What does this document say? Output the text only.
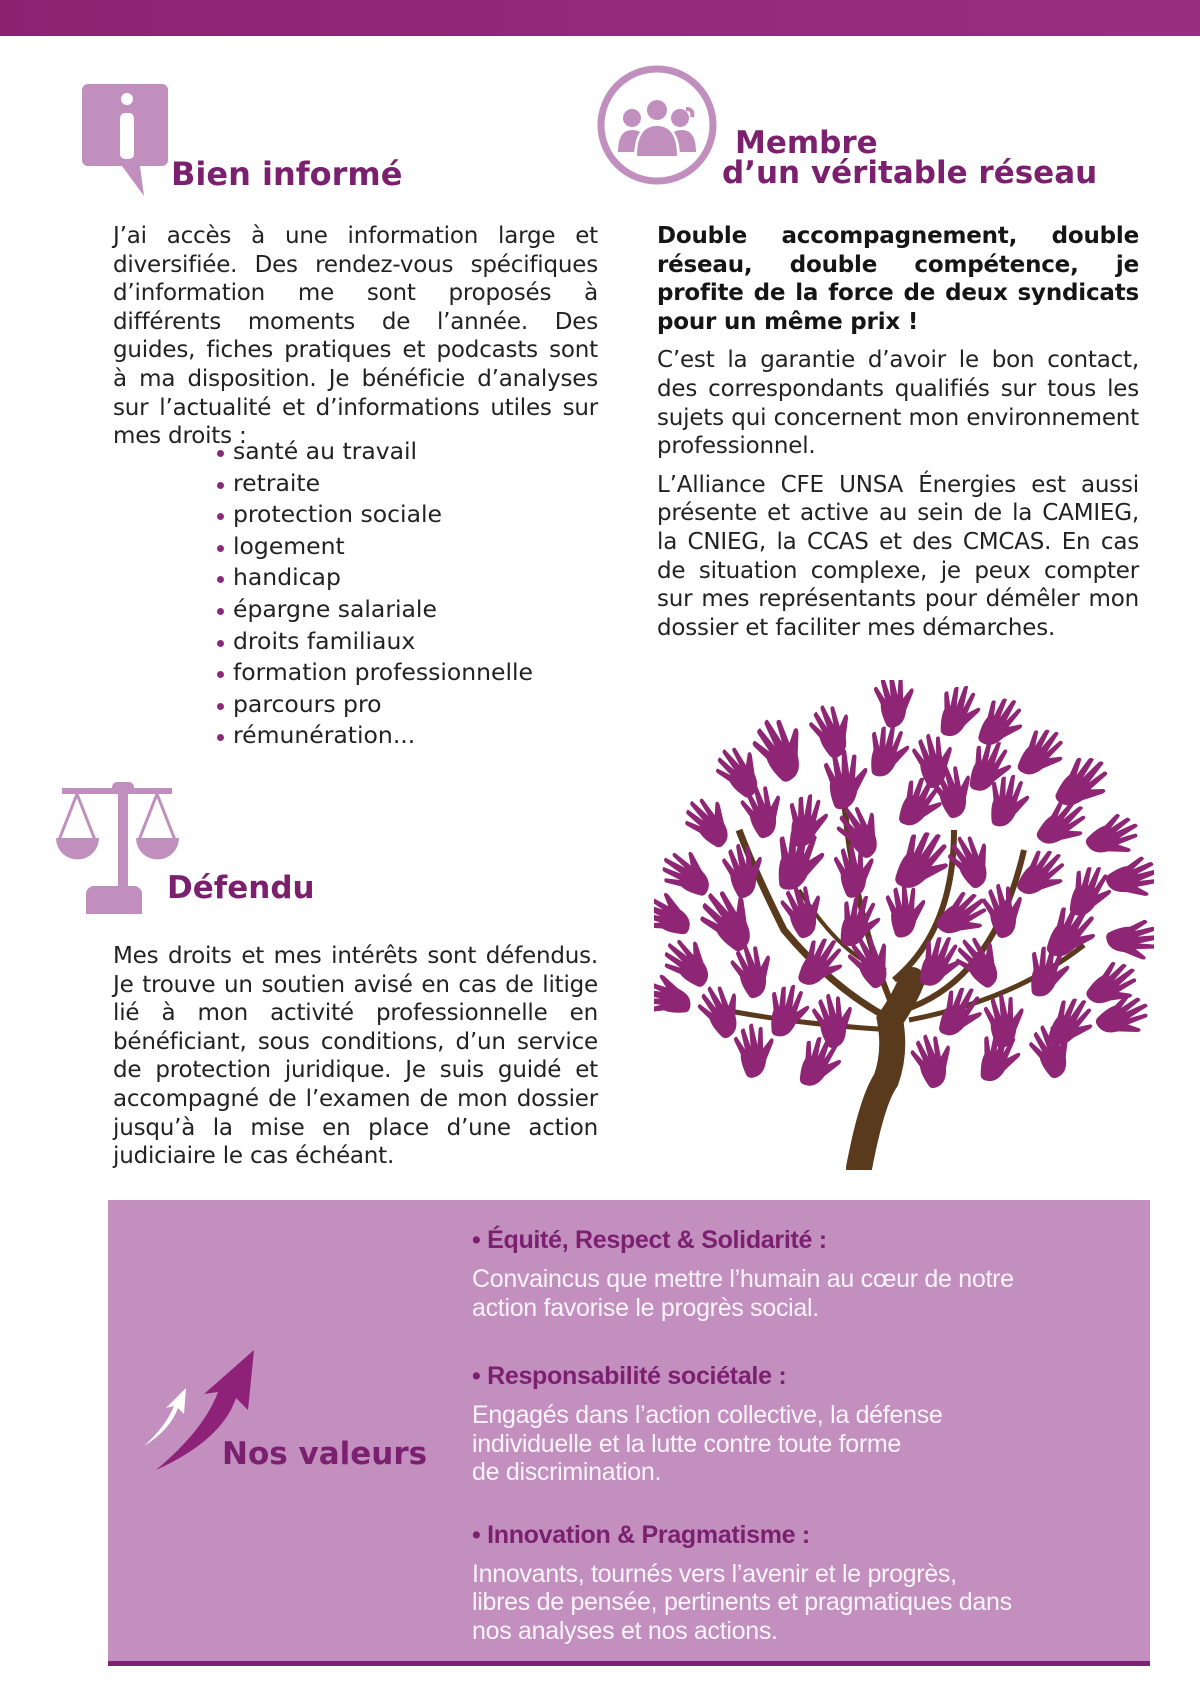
Bien informé

J’ai accès à une information large et diversifiée. Des rendez-vous spécifiques d’information me sont proposés à différents moments de l’année. Des guides, fiches pratiques et podcasts sont à ma disposition. Je bénéficie d’analyses sur l’actualité et d’informations utiles sur mes droits :

santé au travail
retraite
protection sociale
logement
handicap
épargne salariale
droits familiaux
formation professionnelle
parcours pro
rémunération...
Membre
d’un véritable réseau

Double accompagnement, double réseau, double compétence, je profite de la force de deux syndicats pour un même prix !

C’est la garantie d’avoir le bon contact, des correspondants qualifiés sur tous les sujets qui concernent mon environnement professionnel.

L’Alliance CFE UNSA Énergies est aussi présente et active au sein de la CAMIEG, la CNIEG, la CCAS et des CMCAS. En cas de situation complexe, je peux compter sur mes représentants pour démêler mon dossier et faciliter mes démarches.

Défendu

Mes droits et mes intérêts sont défendus. Je trouve un soutien avisé en cas de litige lié à mon activité professionnelle en bénéficiant, sous conditions, d’un service de protection juridique. Je suis guidé et accompagné de l’examen de mon dossier jusqu’à la mise en place d’une action judiciaire le cas échéant.

Nos valeurs
• Équité, Respect & Solidarité :
Convaincus que mettre l’humain au cœur de notre
action favorise le progrès social.
• Responsabilité sociétale :
Engagés dans l’action collective, la défense
individuelle et la lutte contre toute forme
de discrimination.
• Innovation & Pragmatisme :
Innovants, tournés vers l’avenir et le progrès,
libres de pensée, pertinents et pragmatiques dans
nos analyses et nos actions.
